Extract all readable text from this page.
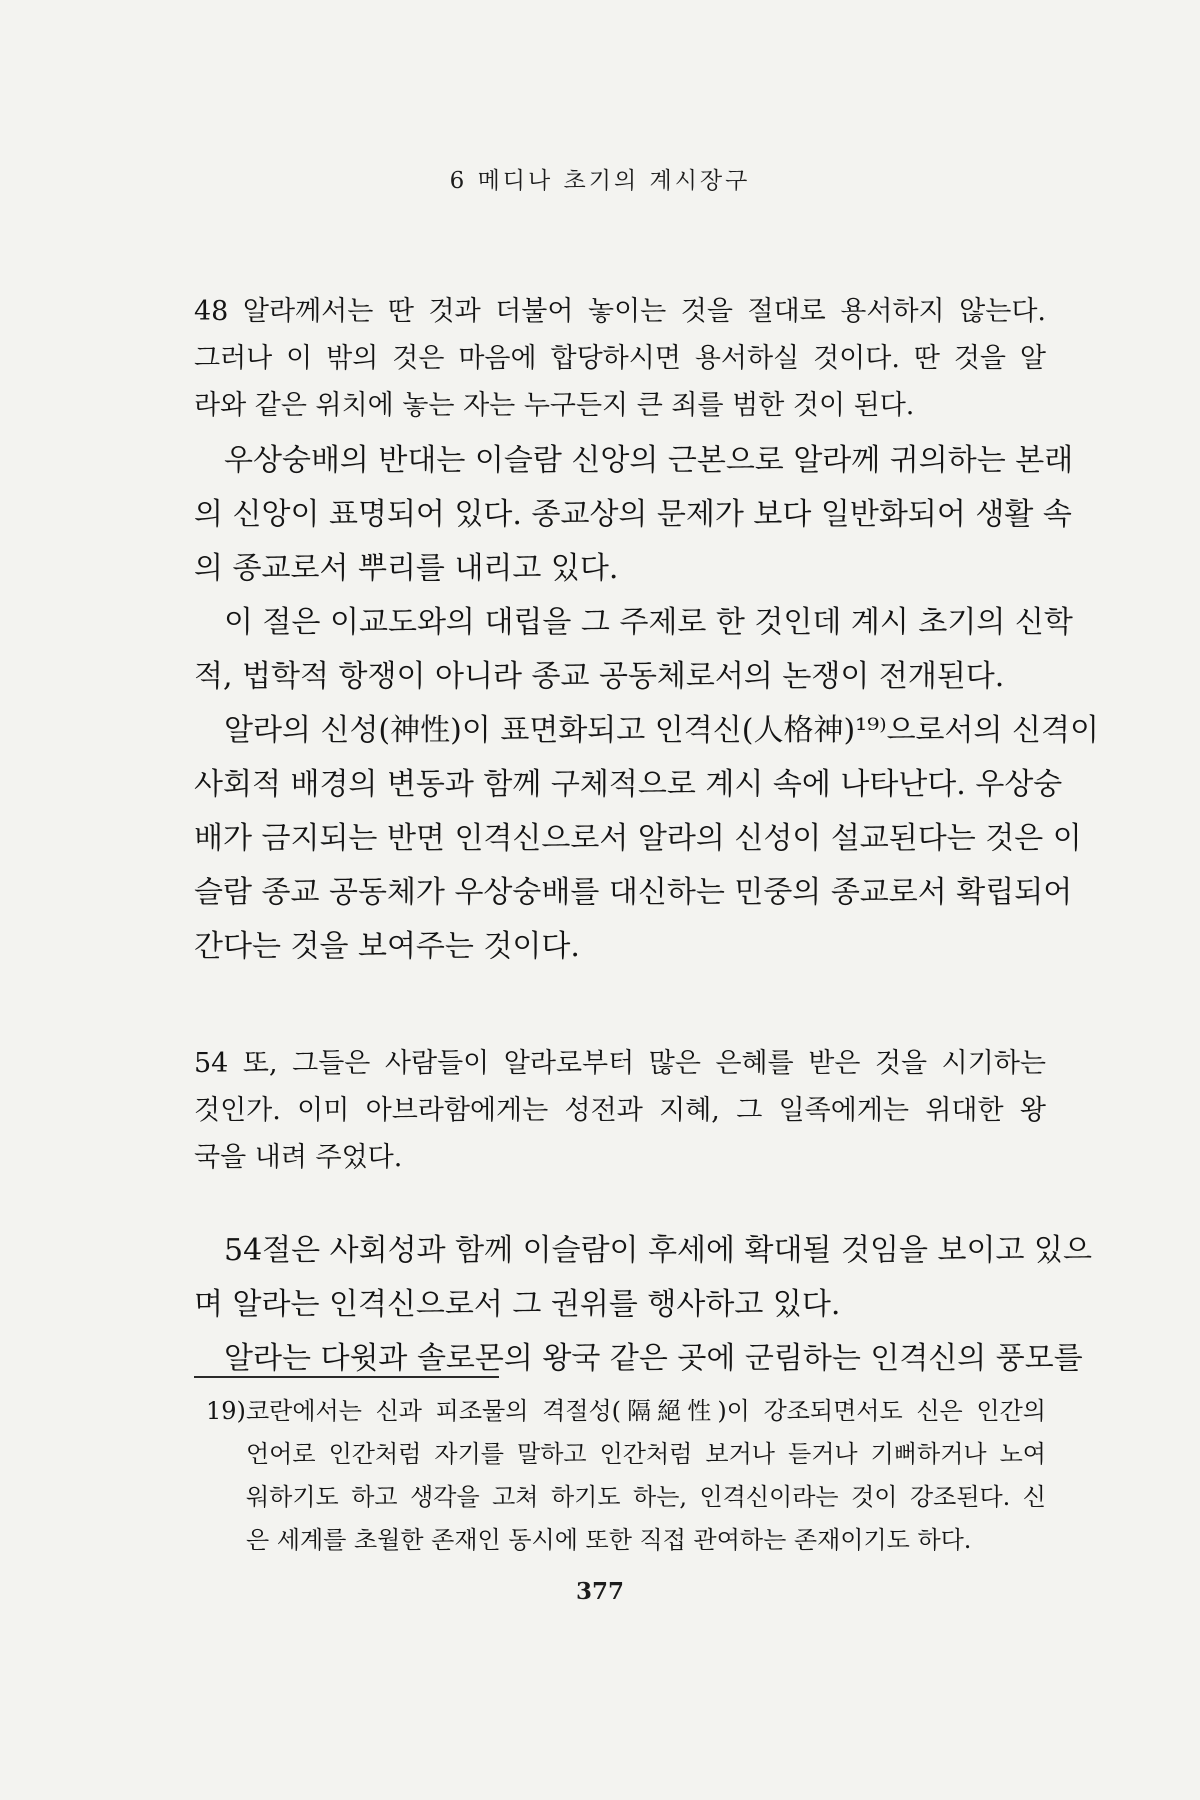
6 메디나 초기의 계시장구
48 알라께서는 딴 것과 더불어 놓이는 것을 절대로 용서하지 않는다.
그러나 이 밖의 것은 마음에 합당하시면 용서하실 것이다. 딴 것을 알
라와 같은 위치에 놓는 자는 누구든지 큰 죄를 범한 것이 된다.
우상숭배의 반대는 이슬람 신앙의 근본으로 알라께 귀의하는 본래
의 신앙이 표명되어 있다. 종교상의 문제가 보다 일반화되어 생활 속
의 종교로서 뿌리를 내리고 있다.
이 절은 이교도와의 대립을 그 주제로 한 것인데 계시 초기의 신학
적, 법학적 항쟁이 아니라 종교 공동체로서의 논쟁이 전개된다.
알라의 신성(神性)이 표면화되고 인격신(人格神)¹⁹⁾으로서의 신격이
사회적 배경의 변동과 함께 구체적으로 계시 속에 나타난다. 우상숭
배가 금지되는 반면 인격신으로서 알라의 신성이 설교된다는 것은 이
슬람 종교 공동체가 우상숭배를 대신하는 민중의 종교로서 확립되어
간다는 것을 보여주는 것이다.
54 또, 그들은 사람들이 알라로부터 많은 은혜를 받은 것을 시기하는
것인가. 이미 아브라함에게는 성전과 지혜, 그 일족에게는 위대한 왕
국을 내려 주었다.
54절은 사회성과 함께 이슬람이 후세에 확대될 것임을 보이고 있으
며 알라는 인격신으로서 그 권위를 행사하고 있다.
알라는 다윗과 솔로몬의 왕국 같은 곳에 군림하는 인격신의 풍모를
19)코란에서는 신과 피조물의 격절성(隔絕性)이 강조되면서도 신은 인간의
언어로 인간처럼 자기를 말하고 인간처럼 보거나 듣거나 기뻐하거나 노여
워하기도 하고 생각을 고쳐 하기도 하는, 인격신이라는 것이 강조된다. 신
은 세계를 초월한 존재인 동시에 또한 직접 관여하는 존재이기도 하다.
377
